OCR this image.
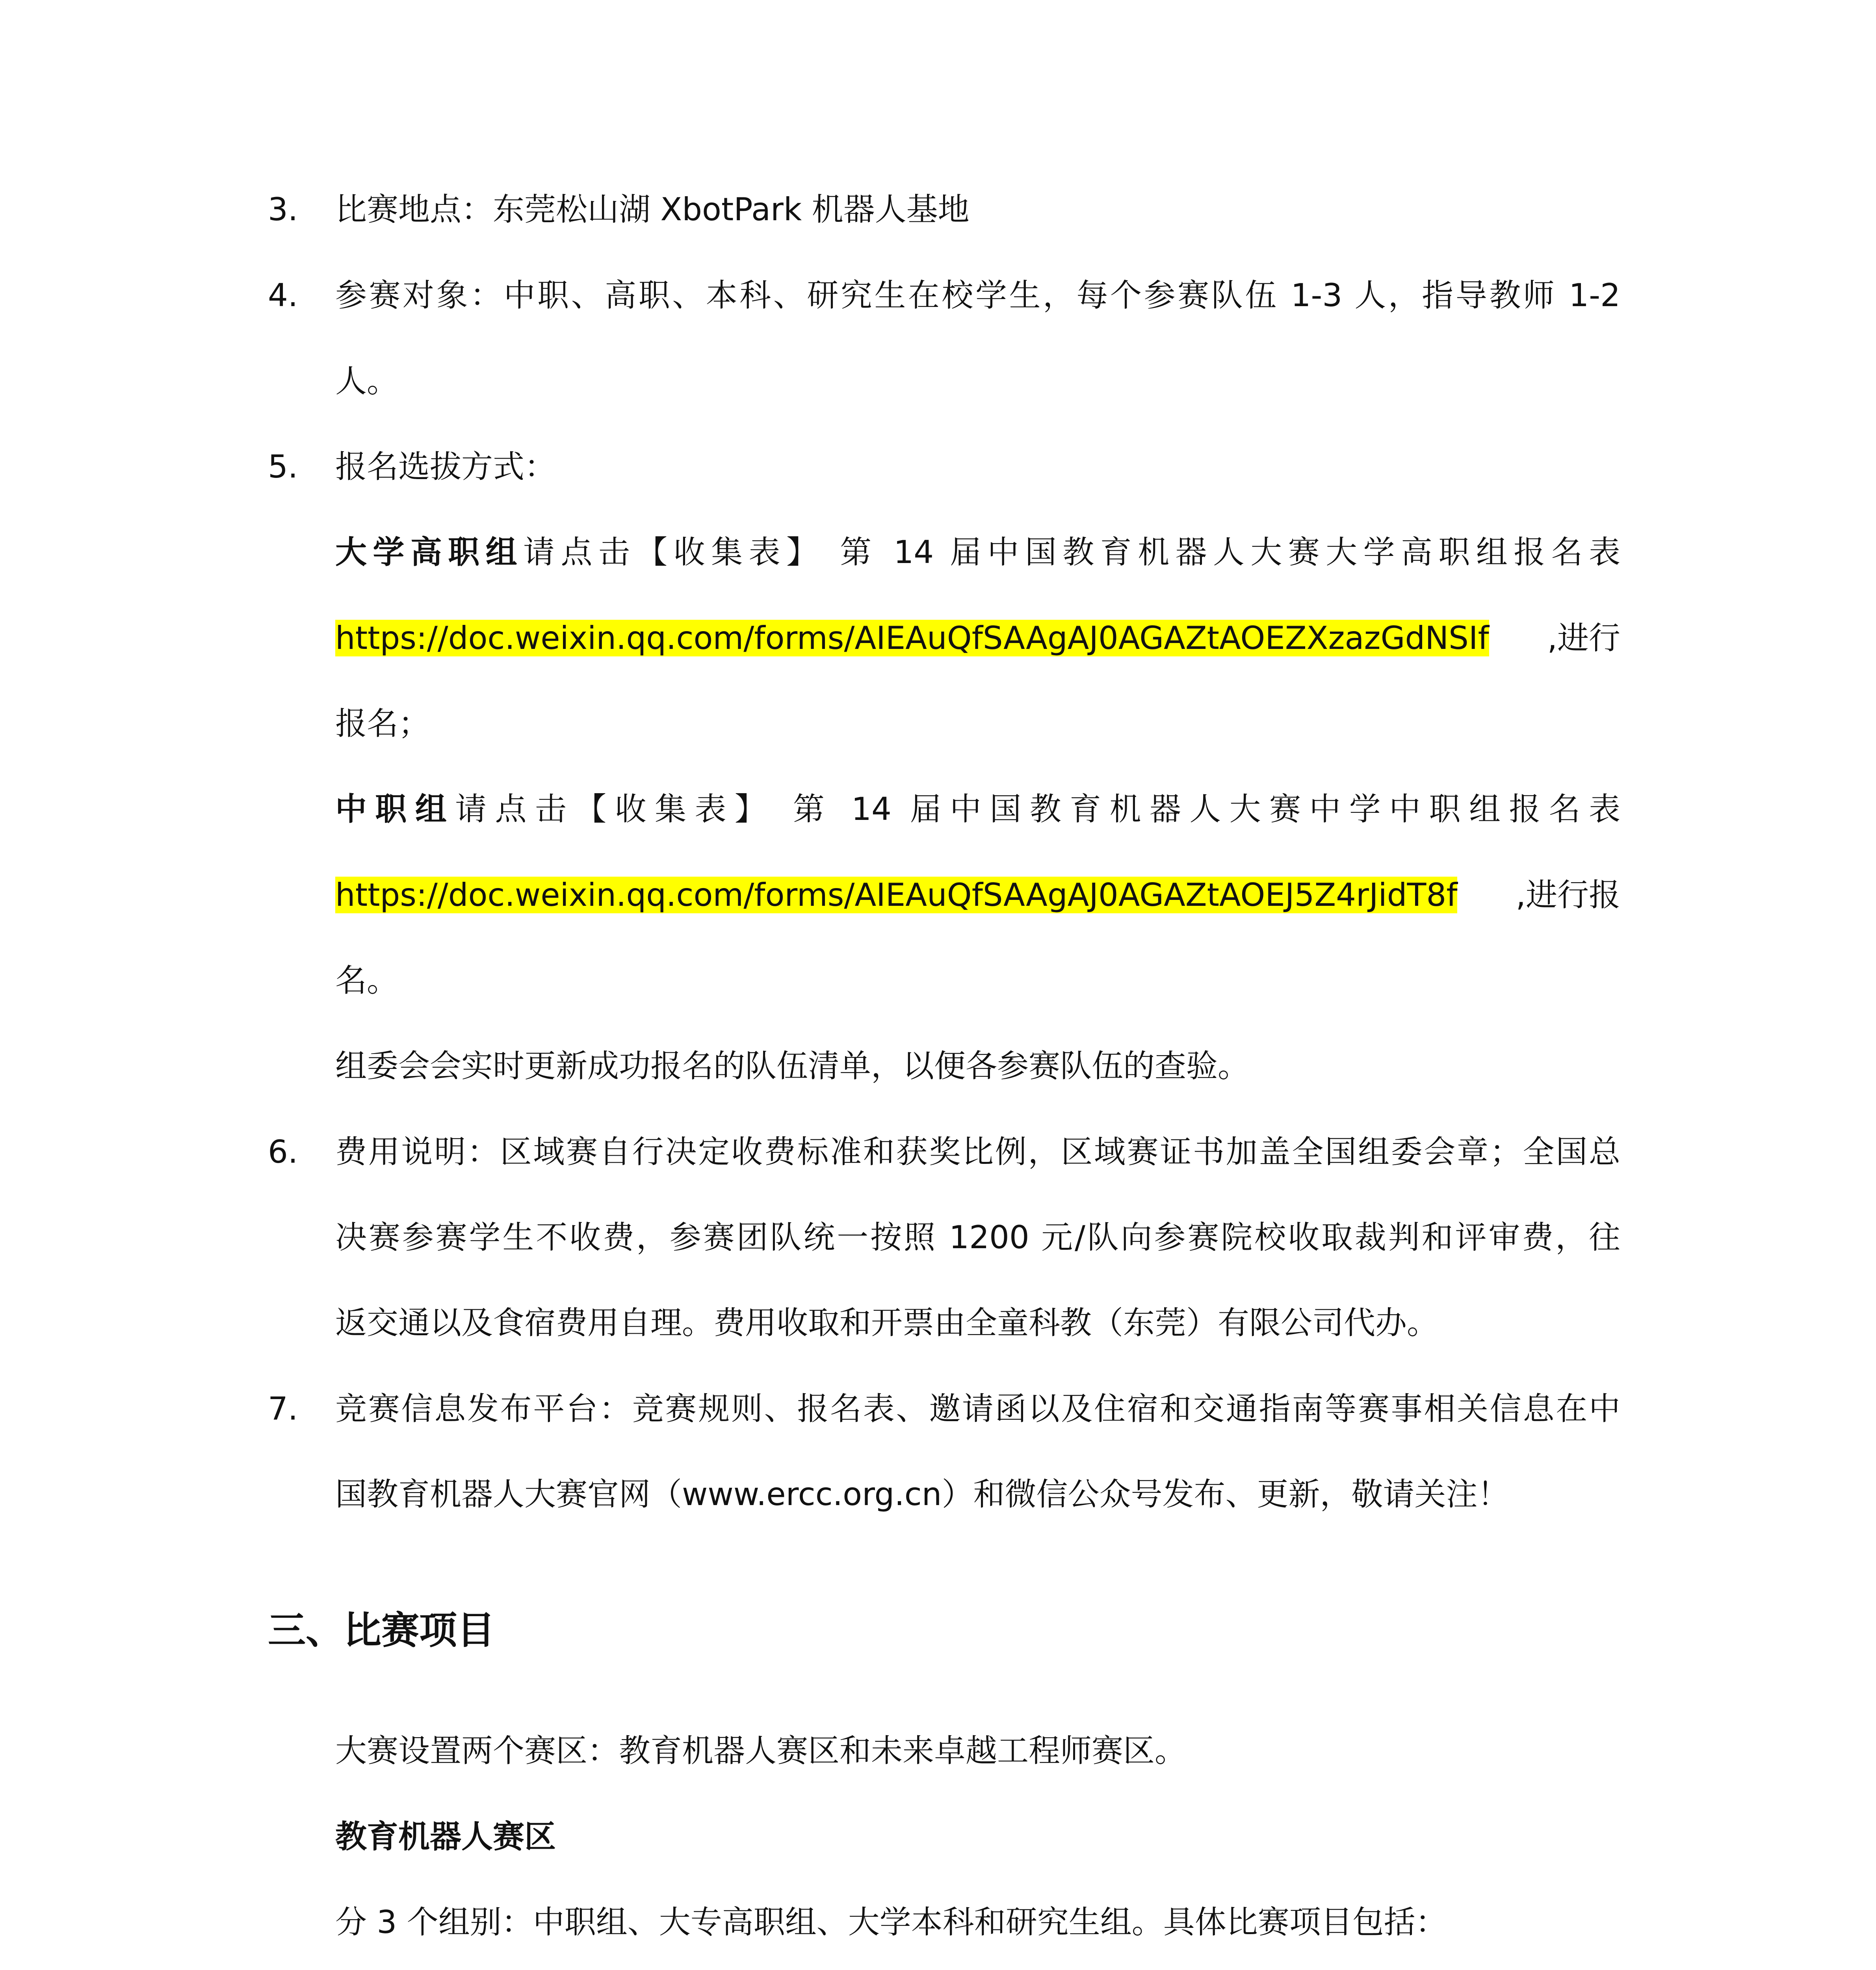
3. 比赛地点：东莞松山湖 XbotPark 机器人基地
4. 参赛对象：中职、高职、本科、研究生在校学生，每个参赛队伍 1-3 人，指导教师 1-2
人。
5. 报名选拔方式：
大学高职组请点击【收集表】 第 14 届中国教育机器人大赛大学高职组报名表
https://doc.weixin.qq.com/forms/AIEAuQfSAAgAJ0AGAZtAOEZXzazGdNSIf ,进行
报名；
中职组请点击【收集表】 第 14 届中国教育机器人大赛中学中职组报名表
https://doc.weixin.qq.com/forms/AIEAuQfSAAgAJ0AGAZtAOEJ5Z4rJidT8f ,进行报
名。
组委会会实时更新成功报名的队伍清单，以便各参赛队伍的查验。
6. 费用说明：区域赛自行决定收费标准和获奖比例，区域赛证书加盖全国组委会章；全国总
决赛参赛学生不收费，参赛团队统一按照 1200 元/队向参赛院校收取裁判和评审费，往
返交通以及食宿费用自理。费用收取和开票由全童科教（东莞）有限公司代办。
7. 竞赛信息发布平台：竞赛规则、报名表、邀请函以及住宿和交通指南等赛事相关信息在中
国教育机器人大赛官网（www.ercc.org.cn）和微信公众号发布、更新，敬请关注！
三、比赛项目
大赛设置两个赛区：教育机器人赛区和未来卓越工程师赛区。
教育机器人赛区
分 3 个组别：中职组、大专高职组、大学本科和研究生组。具体比赛项目包括：
